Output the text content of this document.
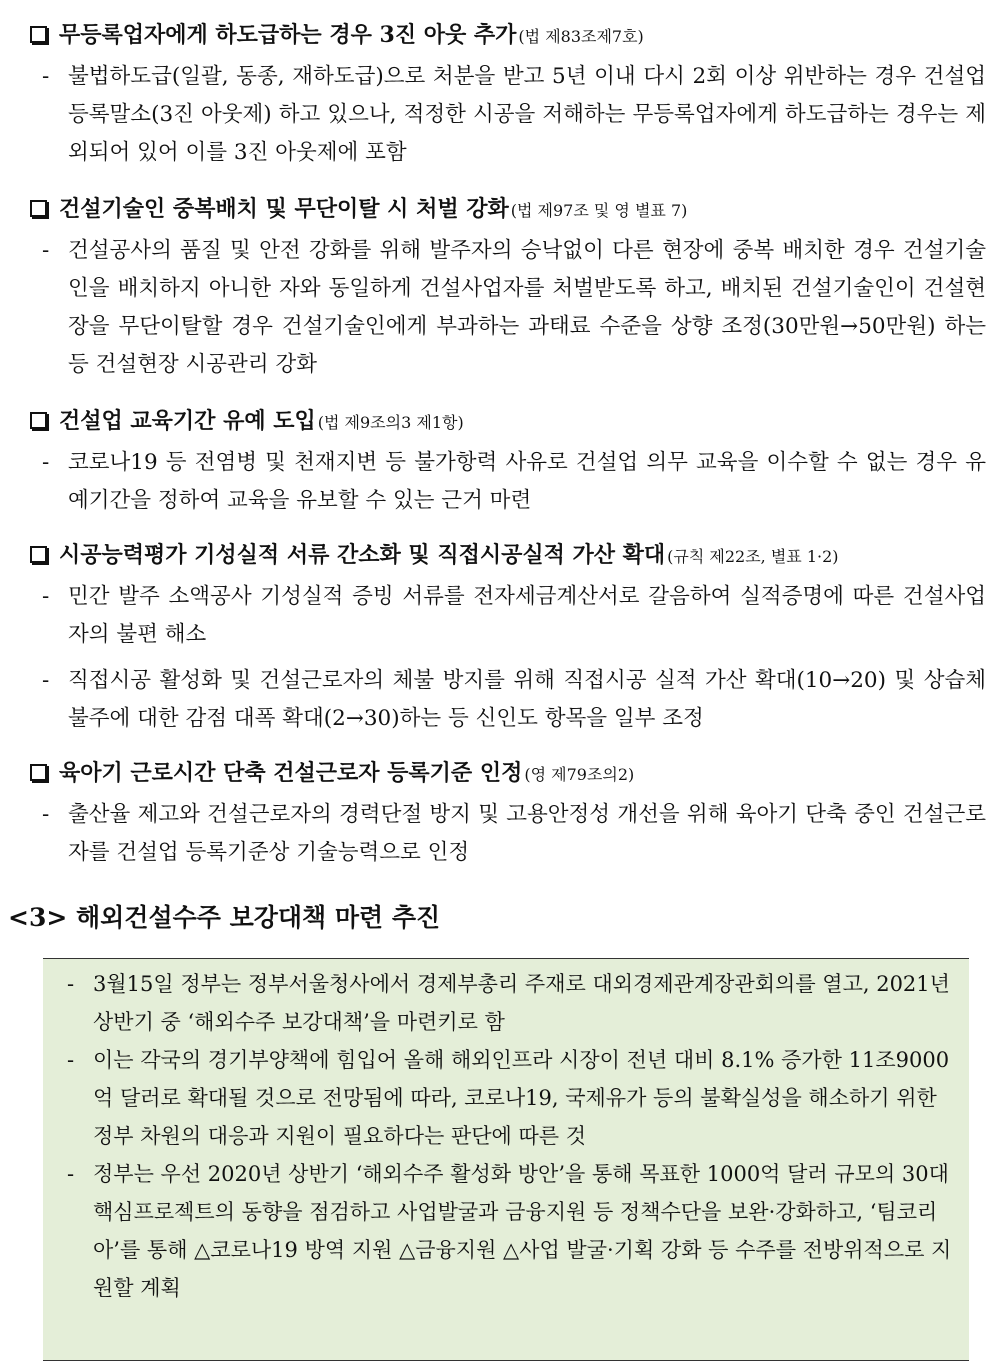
무등록업자에게 하도급하는 경우 3진 아웃 추가 (법 제83조제7호)
- 불법하도급(일괄, 동종, 재하도급)으로 처분을 받고 5년 이내 다시 2회 이상 위반하는 경우 건설업 등록말소(3진 아웃제) 하고 있으나, 적정한 시공을 저해하는 무등록업자에게 하도급하는 경우는 제외되어 있어 이를 3진 아웃제에 포함
건설기술인 중복배치 및 무단이탈 시 처벌 강화 (법 제97조 및 영 별표 7)
- 건설공사의 품질 및 안전 강화를 위해 발주자의 승낙없이 다른 현장에 중복 배치한 경우 건설기술인을 배치하지 아니한 자와 동일하게 건설사업자를 처벌받도록 하고, 배치된 건설기술인이 건설현장을 무단이탈할 경우 건설기술인에게 부과하는 과태료 수준을 상향 조정(30만원→50만원) 하는 등 건설현장 시공관리 강화
건설업 교육기간 유예 도입 (법 제9조의3 제1항)
- 코로나19 등 전염병 및 천재지변 등 불가항력 사유로 건설업 의무 교육을 이수할 수 없는 경우 유예기간을 정하여 교육을 유보할 수 있는 근거 마련
시공능력평가 기성실적 서류 간소화 및 직접시공실적 가산 확대 (규칙 제22조, 별표 1·2)
- 민간 발주 소액공사 기성실적 증빙 서류를 전자세금계산서로 갈음하여 실적증명에 따른 건설사업자의 불편 해소
- 직접시공 활성화 및 건설근로자의 체불 방지를 위해 직접시공 실적 가산 확대(10→20) 및 상습체불주에 대한 감점 대폭 확대(2→30)하는 등 신인도 항목을 일부 조정
육아기 근로시간 단축 건설근로자 등록기준 인정 (영 제79조의2)
- 출산율 제고와 건설근로자의 경력단절 방지 및 고용안정성 개선을 위해 육아기 단축 중인 건설근로자를 건설업 등록기준상 기술능력으로 인정
<3> 해외건설수주 보강대책 마련 추진
- 3월15일 정부는 정부서울청사에서 경제부총리 주재로 대외경제관계장관회의를 열고, 2021년 상반기 중 ‘해외수주 보강대책’을 마련키로 함
- 이는 각국의 경기부양책에 힘입어 올해 해외인프라 시장이 전년 대비 8.1% 증가한 11조9000억 달러로 확대될 것으로 전망됨에 따라, 코로나19, 국제유가 등의 불확실성을 해소하기 위한 정부 차원의 대응과 지원이 필요하다는 판단에 따른 것
- 정부는 우선 2020년 상반기 ‘해외수주 활성화 방안’을 통해 목표한 1000억 달러 규모의 30대 핵심프로젝트의 동향을 점검하고 사업발굴과 금융지원 등 정책수단을 보완·강화하고, ‘팀코리아’를 통해 △코로나19 방역 지원 △금융지원 △사업 발굴·기획 강화 등 수주를 전방위적으로 지원할 계획
